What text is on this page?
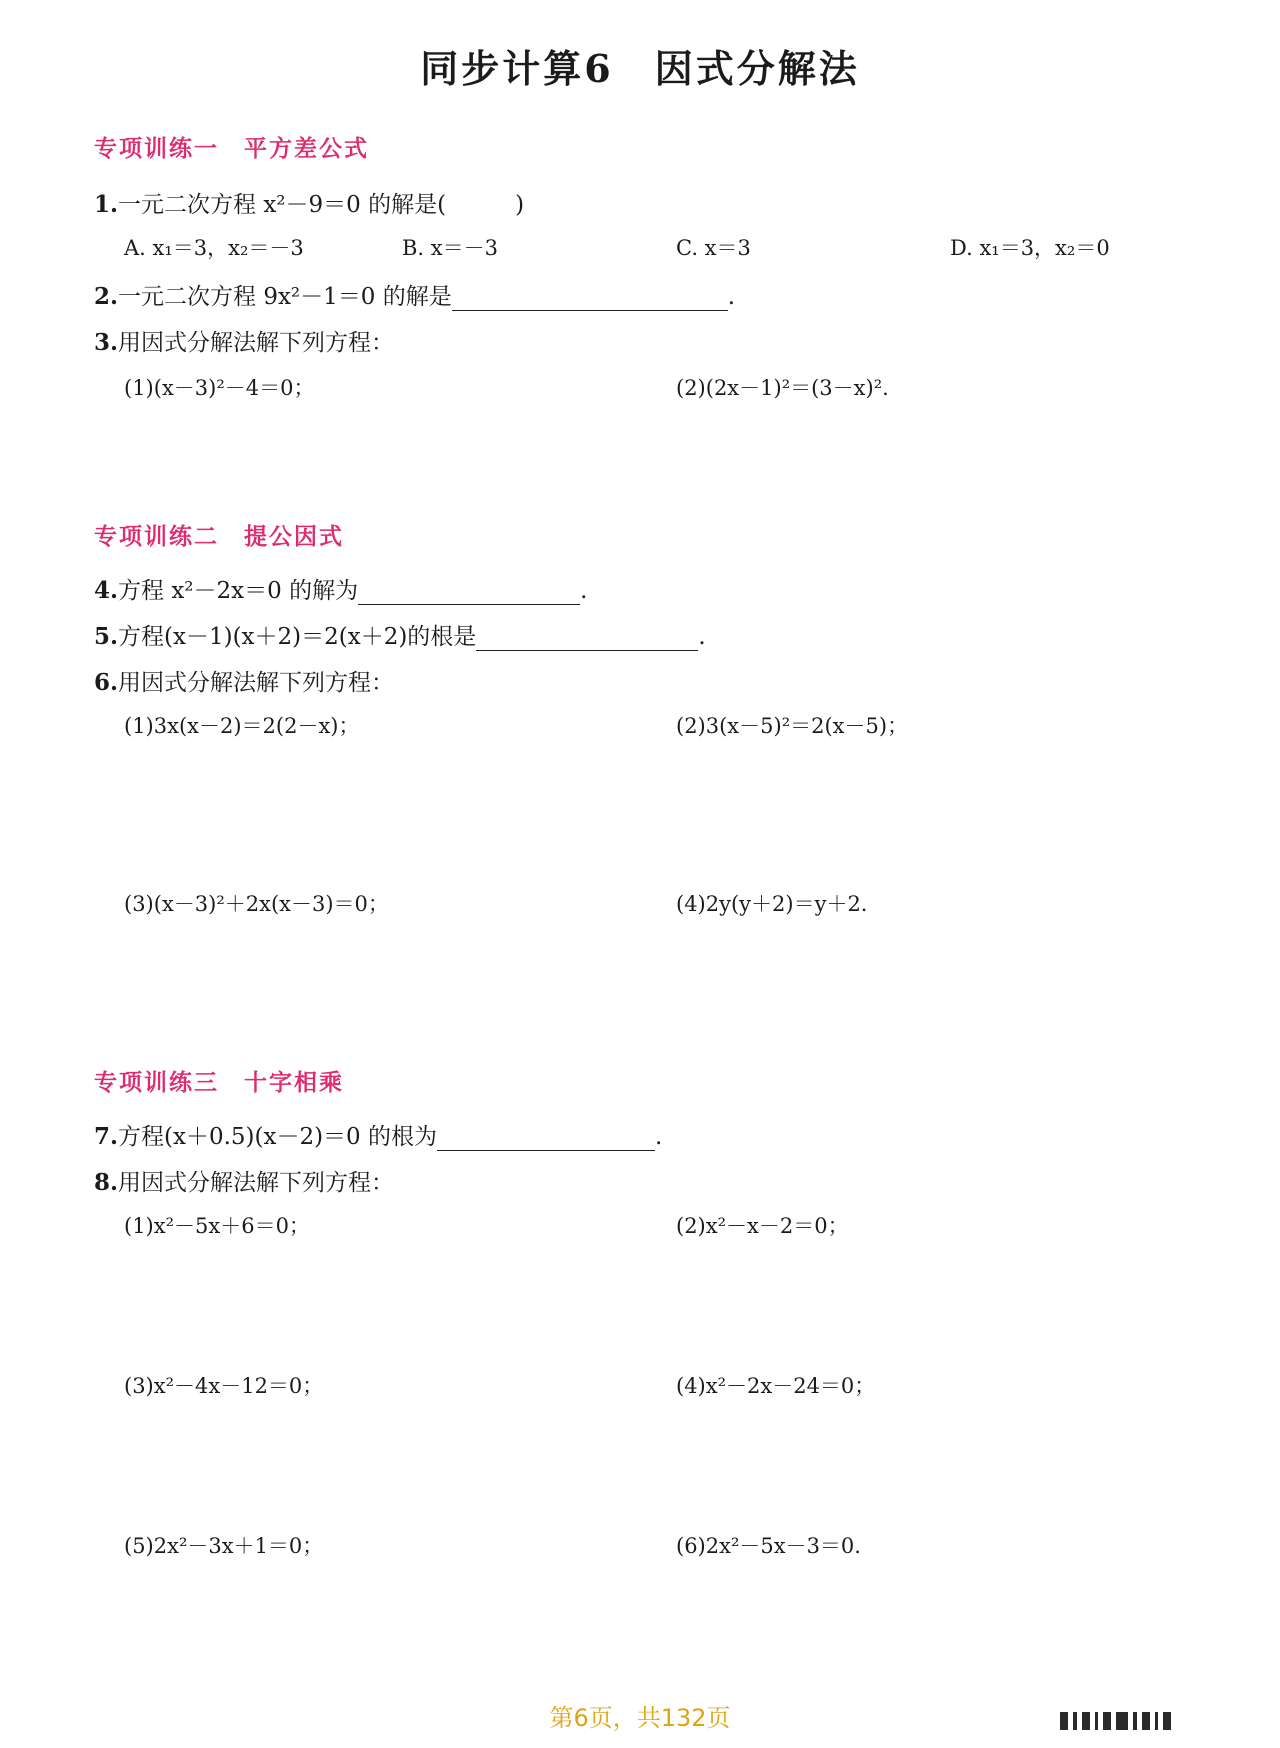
同步计算6　因式分解法
专项训练一　平方差公式
1.一元二次方程 x²－9＝0 的解是(　　　)
A. x₁＝3，x₂＝－3	B. x＝－3	C. x＝3	D. x₁＝3，x₂＝0
2.一元二次方程 9x²－1＝0 的解是	.
3.用因式分解法解下列方程：
(1)(x－3)²－4＝0；	(2)(2x－1)²＝(3－x)².
专项训练二　提公因式
4.方程 x²－2x＝0 的解为	.
5.方程(x－1)(x＋2)＝2(x＋2)的根是	.
6.用因式分解法解下列方程：
(1)3x(x－2)＝2(2－x)；	(2)3(x－5)²＝2(x－5)；
(3)(x－3)²＋2x(x－3)＝0；	(4)2y(y＋2)＝y＋2.
专项训练三　十字相乘
7.方程(x＋0.5)(x－2)＝0 的根为	.
8.用因式分解法解下列方程：
(1)x²－5x＋6＝0；	(2)x²－x－2＝0；
(3)x²－4x－12＝0；	(4)x²－2x－24＝0；
(5)2x²－3x＋1＝0；	(6)2x²－5x－3＝0.
第6页，共132页
